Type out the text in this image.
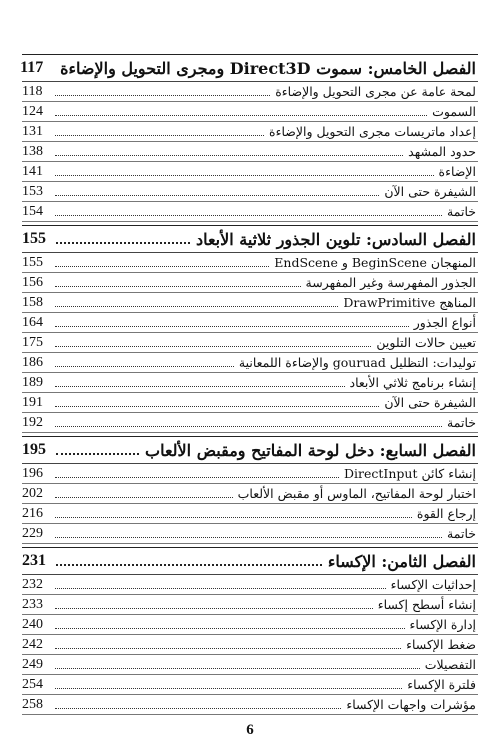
الفصل الخامس: سموت Direct3D ومجرى التحويل والإضاءة
117
لمحة عامة عن مجرى التحويل والإضاءة
118
السموت
124
إعداد ماتريسات مجرى التحويل والإضاءة
131
حدود المشهد
138
الإضاءة
141
الشيفرة حتى الآن
153
خاتمة
154
الفصل السادس: تلوين الجذور ثلاثية الأبعاد
155
المنهجان BeginScene و EndScene
155
الجذور المفهرسة وغير المفهرسة
156
المناهج DrawPrimitive
158
أنواع الجذور
164
تعيين حالات التلوين
175
توليدات: التظليل gouruad والإضاءة اللمعانية
186
إنشاء برنامج ثلاثي الأبعاد
189
الشيفرة حتى الآن
191
خاتمة
192
الفصل السابع: دخل لوحة المفاتيح ومقبض الألعاب
195
إنشاء كائن DirectInput
196
اختبار لوحة المفاتيح، الماوس أو مقبض الألعاب
202
إرجاع القوة
216
خاتمة
229
الفصل الثامن: الإكساء
231
إحداثيات الإكساء
232
إنشاء أسطح إكساء
233
إدارة الإكساء
240
ضغط الإكساء
242
التفصيلات
249
فلترة الإكساء
254
مؤشرات واجهات الإكساء
258
6
